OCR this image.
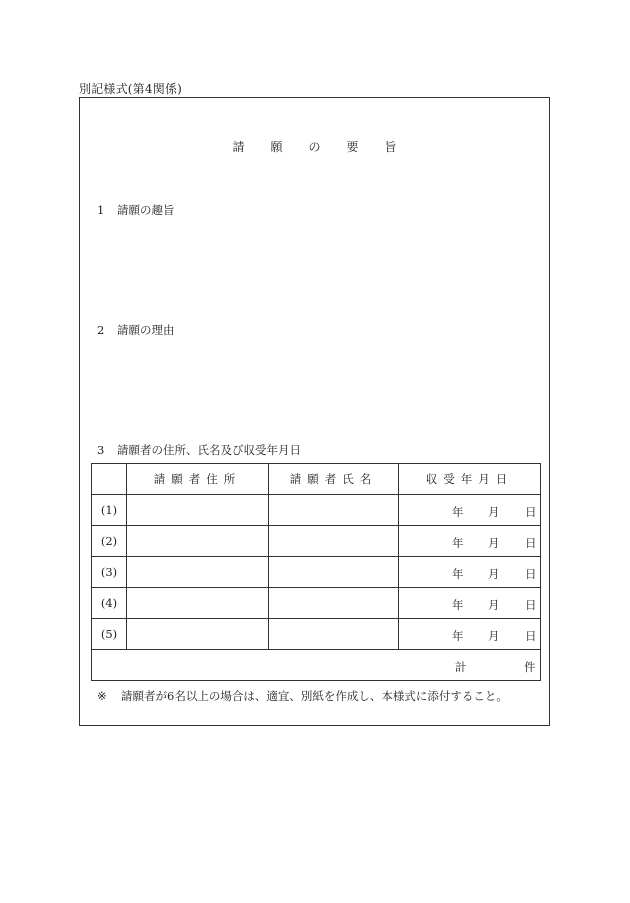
別記様式(第4関係)
請 願 の 要 旨
1 請願の趣旨
2 請願の理由
3 請願者の住所、氏名及び収受年月日
	請願者住所	請願者氏名	収受年月日
(1)			年 月 日

(2)			年 月 日

(3)			年 月 日

(4)			年 月 日

(5)			年 月 日

計 件			
※ 請願者が6名以上の場合は、適宜、別紙を作成し、本様式に添付すること。
